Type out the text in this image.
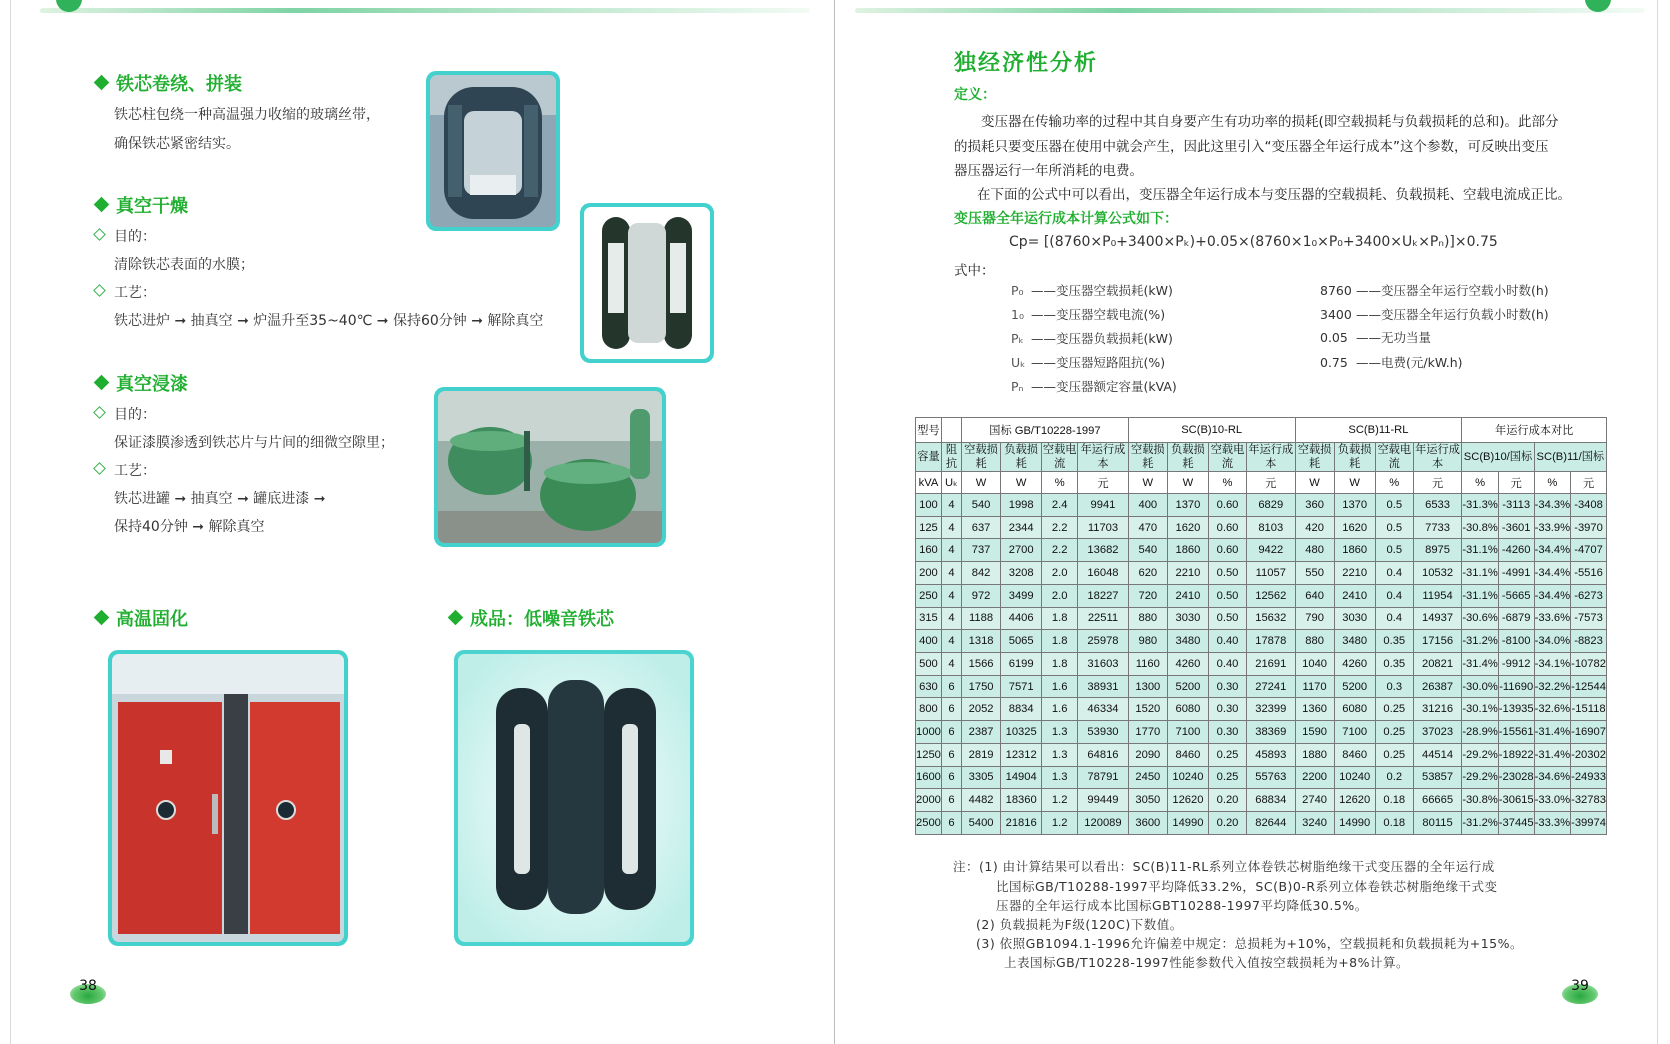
铁芯卷绕、拼装
铁芯柱包绕一种高温强力收缩的玻璃丝带，
确保铁芯紧密结实。
真空干燥
目的：
清除铁芯表面的水膜；
工艺：
铁芯进炉 ➞ 抽真空 ➞ 炉温升至35~40℃ ➞ 保持60分钟 ➞ 解除真空
真空浸漆
目的：
保证漆膜渗透到铁芯片与片间的细微空隙里；
工艺：
铁芯进罐 ➞ 抽真空 ➞ 罐底进漆 ➞
保持40分钟 ➞ 解除真空
高温固化	成品：低噪音铁芯
38
独经济性分析
定义：
变压器在传输功率的过程中其自身要产生有功功率的损耗(即空载损耗与负载损耗的总和)。此部分
的损耗只要变压器在使用中就会产生，因此这里引入“变压器全年运行成本”这个参数，可反映出变压
器压器运行一年所消耗的电费。
在下面的公式中可以看出，变压器全年运行成本与变压器的空载损耗、负载损耗、空载电流成正比。
变压器全年运行成本计算公式如下：
Cp= [(8760×P₀+3400×Pₖ)+0.05×(8760×1₀×P₀+3400×Uₖ×Pₙ)]×0.75
式中：
P₀ ——变压器空载损耗(kW)
1₀ ——变压器空载电流(%)
Pₖ ——变压器负载损耗(kW)
Uₖ ——变压器短路阻抗(%)
Pₙ ——变压器额定容量(kVA)
8760 ——变压器全年运行空载小时数(h)
3400 ——变压器全年运行负载小时数(h)
0.05 ——无功当量
0.75 ——电费(元/kW.h)
型号		国标 GB/T10228-1997				SC(B)10-RL				SC(B)11-RL				年运行成本对比			
容量	阻抗	空载损耗	负载损耗	空载电流	年运行成本	空载损耗	负载损耗	空载电流	年运行成本	空载损耗	负载损耗	空载电流	年运行成本	SC(B)10/国标		SC(B)11/国标	
kVA	Uₖ	W	W	%	元	W	W	%	元	W	W	%	元	%	元	%	元
100	4	540	1998	2.4	9941	400	1370	0.60	6829	360	1370	0.5	6533	-31.3%	-3113	-34.3%	-3408
125	4	637	2344	2.2	11703	470	1620	0.60	8103	420	1620	0.5	7733	-30.8%	-3601	-33.9%	-3970
160	4	737	2700	2.2	13682	540	1860	0.60	9422	480	1860	0.5	8975	-31.1%	-4260	-34.4%	-4707
200	4	842	3208	2.0	16048	620	2210	0.50	11057	550	2210	0.4	10532	-31.1%	-4991	-34.4%	-5516
250	4	972	3499	2.0	18227	720	2410	0.50	12562	640	2410	0.4	11954	-31.1%	-5665	-34.4%	-6273
315	4	1188	4406	1.8	22511	880	3030	0.50	15632	790	3030	0.4	14937	-30.6%	-6879	-33.6%	-7573
400	4	1318	5065	1.8	25978	980	3480	0.40	17878	880	3480	0.35	17156	-31.2%	-8100	-34.0%	-8823
500	4	1566	6199	1.8	31603	1160	4260	0.40	21691	1040	4260	0.35	20821	-31.4%	-9912	-34.1%	-10782
630	6	1750	7571	1.6	38931	1300	5200	0.30	27241	1170	5200	0.3	26387	-30.0%	-11690	-32.2%	-12544
800	6	2052	8834	1.6	46334	1520	6080	0.30	32399	1360	6080	0.25	31216	-30.1%	-13935	-32.6%	-15118
1000	6	2387	10325	1.3	53930	1770	7100	0.30	38369	1590	7100	0.25	37023	-28.9%	-15561	-31.4%	-16907
1250	6	2819	12312	1.3	64816	2090	8460	0.25	45893	1880	8460	0.25	44514	-29.2%	-18922	-31.4%	-20302
1600	6	3305	14904	1.3	78791	2450	10240	0.25	55763	2200	10240	0.2	53857	-29.2%	-23028	-34.6%	-24933
2000	6	4482	18360	1.2	99449	3050	12620	0.20	68834	2740	12620	0.18	66665	-30.8%	-30615	-33.0%	-32783
2500	6	5400	21816	1.2	120089	3600	14990	0.20	82644	3240	14990	0.18	80115	-31.2%	-37445	-33.3%	-39974
注：(1) 由计算结果可以看出：SC(B)11-RL系列立体卷铁芯树脂绝缘干式变压器的全年运行成
比国标GB/T10288-1997平均降低33.2%，SC(B)0-R系列立体卷铁芯树脂绝缘干式变
压器的全年运行成本比国标GBT10288-1997平均降低30.5%。
(2) 负载损耗为F级(120C)下数值。
(3) 依照GB1094.1-1996允许偏差中规定：总损耗为+10%，空载损耗和负载损耗为+15%。
上表国标GB/T10228-1997性能参数代入值按空载损耗为+8%计算。
39
